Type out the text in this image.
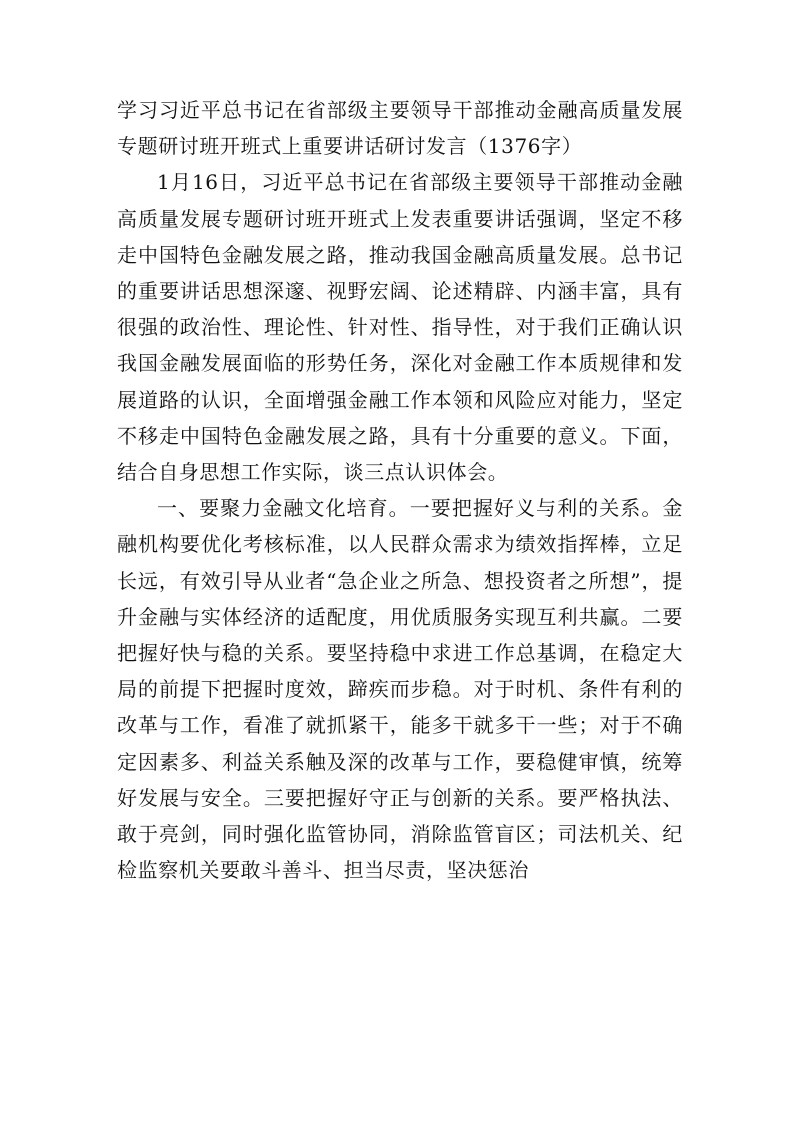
学习习近平总书记在省部级主要领导干部推动金融高质量发展专题研讨班开班式上重要讲话研讨发言（1376字）

1月16日，习近平总书记在省部级主要领导干部推动金融高质量发展专题研讨班开班式上发表重要讲话强调，坚定不移走中国特色金融发展之路，推动我国金融高质量发展。总书记的重要讲话思想深邃、视野宏阔、论述精辟、内涵丰富，具有很强的政治性、理论性、针对性、指导性，对于我们正确认识我国金融发展面临的形势任务，深化对金融工作本质规律和发展道路的认识，全面增强金融工作本领和风险应对能力，坚定不移走中国特色金融发展之路，具有十分重要的意义。下面，结合自身思想工作实际，谈三点认识体会。

一、要聚力金融文化培育。一要把握好义与利的关系。金融机构要优化考核标准，以人民群众需求为绩效指挥棒，立足长远，有效引导从业者“急企业之所急、想投资者之所想”，提升金融与实体经济的适配度，用优质服务实现互利共赢。二要把握好快与稳的关系。要坚持稳中求进工作总基调，在稳定大局的前提下把握时度效，蹄疾而步稳。对于时机、条件有利的改革与工作，看准了就抓紧干，能多干就多干一些；对于不确定因素多、利益关系触及深的改革与工作，要稳健审慎，统筹好发展与安全。三要把握好守正与创新的关系。要严格执法、敢于亮剑，同时强化监管协同，消除监管盲区；司法机关、纪检监察机关要敢斗善斗、担当尽责，坚决惩治
